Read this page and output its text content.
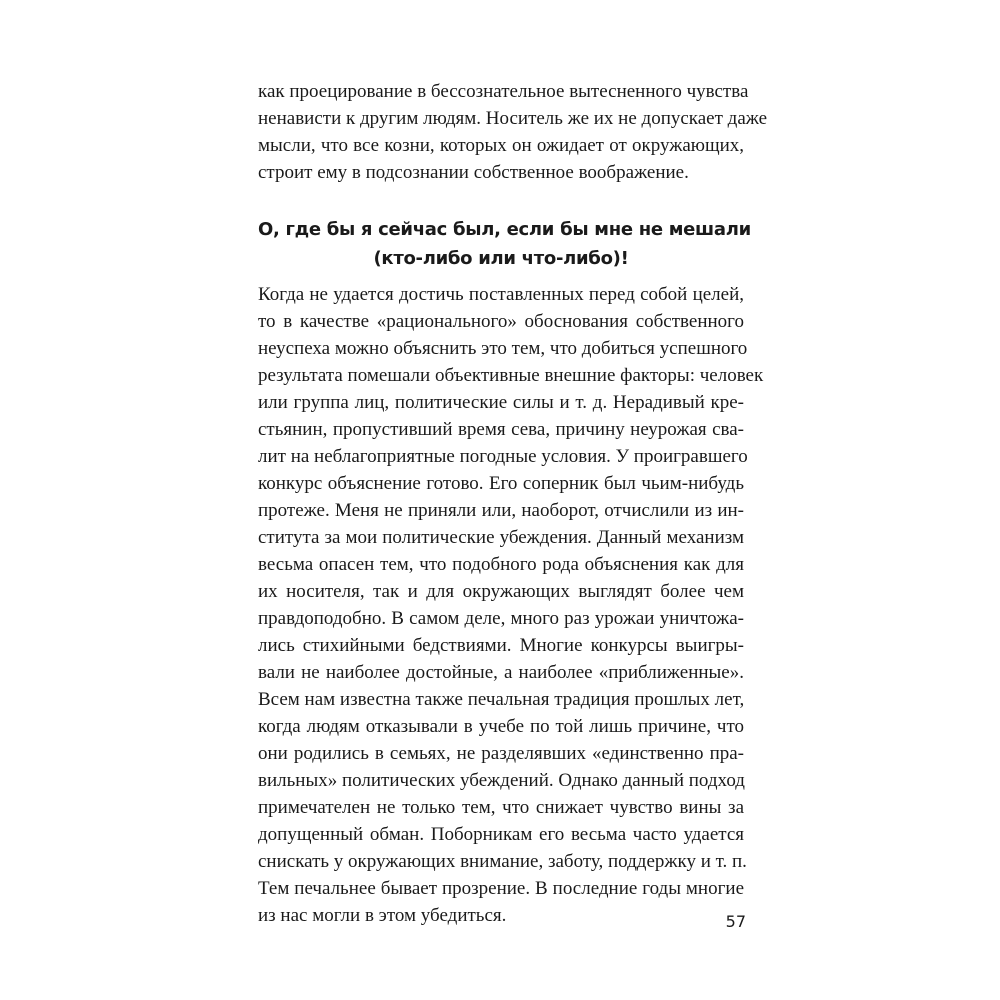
как проецирование в бессознательное вытесненного чувства
ненависти к другим людям. Носитель же их не допускает даже
мысли, что все козни, которых он ожидает от окружающих,
строит ему в подсознании собственное воображение.
О, где бы я сейчас был, если бы мне не мешали
(кто-либо или что-либо)!
Когда не удается достичь поставленных перед собой целей,
то в качестве «рационального» обоснования собственного
неуспеха можно объяснить это тем, что добиться успешного
результата помешали объективные внешние факторы: человек
или группа лиц, политические силы и т. д. Нерадивый кре-
стьянин, пропустивший время сева, причину неурожая сва-
лит на неблагоприятные погодные условия. У проигравшего
конкурс объяснение готово. Его соперник был чьим-нибудь
протеже. Меня не приняли или, наоборот, отчислили из ин-
ститута за мои политические убеждения. Данный механизм
весьма опасен тем, что подобного рода объяснения как для
их носителя, так и для окружающих выглядят более чем
правдоподобно. В самом деле, много раз урожаи уничтожа-
лись стихийными бедствиями. Многие конкурсы выигры-
вали не наиболее достойные, а наиболее «приближенные».
Всем нам известна также печальная традиция прошлых лет,
когда людям отказывали в учебе по той лишь причине, что
они родились в семьях, не разделявших «единственно пра-
вильных» политических убеждений. Однако данный подход
примечателен не только тем, что снижает чувство вины за
допущенный обман. Поборникам его весьма часто удается
снискать у окружающих внимание, заботу, поддержку и т. п.
Тем печальнее бывает прозрение. В последние годы многие
из нас могли в этом убедиться.	57
